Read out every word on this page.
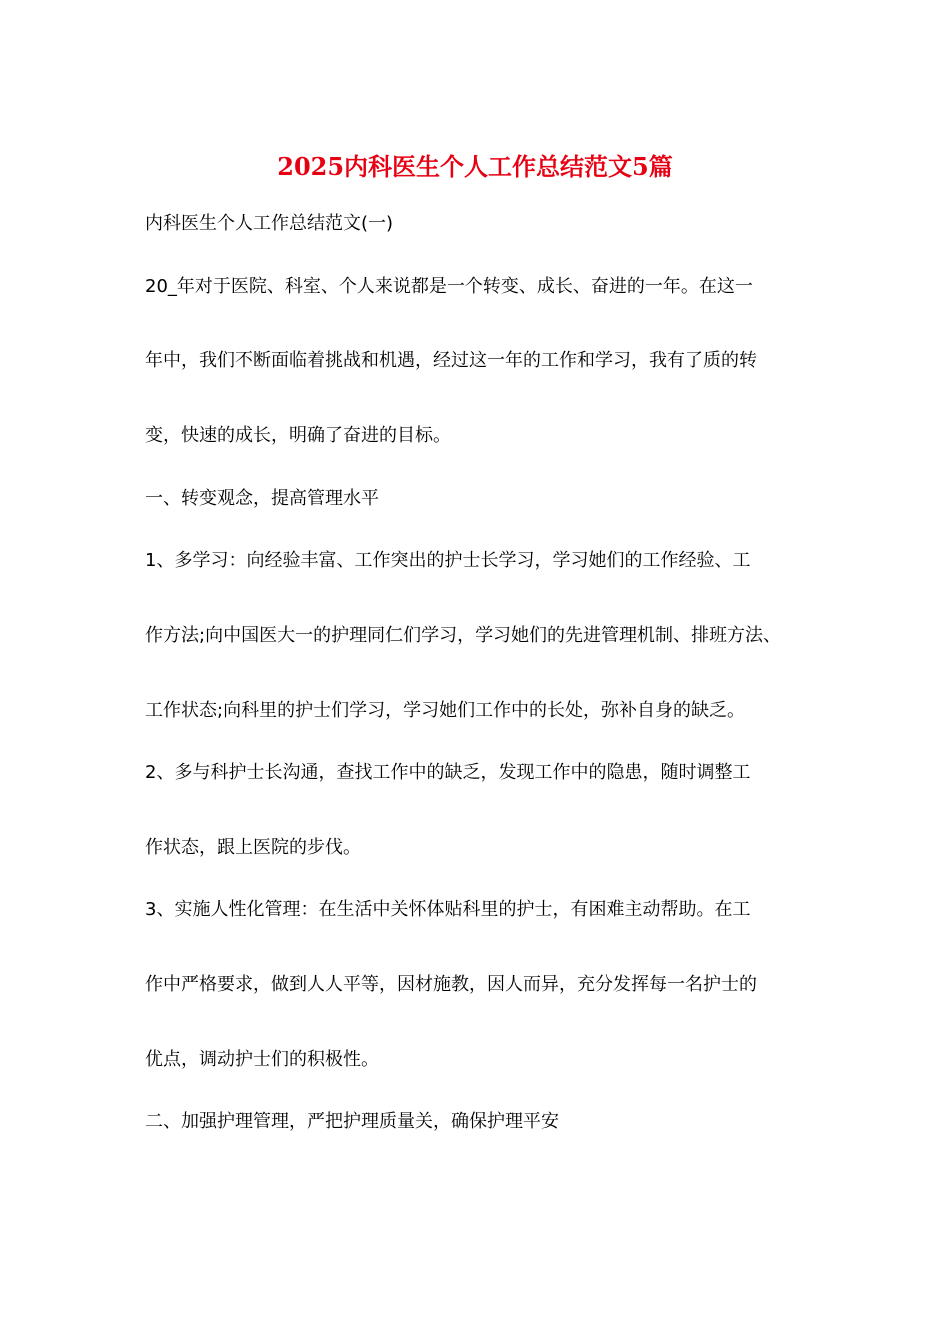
2025内科医生个人工作总结范文5篇

内科医生个人工作总结范文(一)

20_年对于医院、科室、个人来说都是一个转变、成长、奋进的一年。在这一

年中，我们不断面临着挑战和机遇，经过这一年的工作和学习，我有了质的转

变，快速的成长，明确了奋进的目标。

一、转变观念，提高管理水平

1、多学习：向经验丰富、工作突出的护士长学习，学习她们的工作经验、工

作方法;向中国医大一的护理同仁们学习，学习她们的先进管理机制、排班方法、

工作状态;向科里的护士们学习，学习她们工作中的长处，弥补自身的缺乏。

2、多与科护士长沟通，查找工作中的缺乏，发现工作中的隐患，随时调整工

作状态，跟上医院的步伐。

3、实施人性化管理：在生活中关怀体贴科里的护士，有困难主动帮助。在工

作中严格要求，做到人人平等，因材施教，因人而异，充分发挥每一名护士的

优点，调动护士们的积极性。

二、加强护理管理，严把护理质量关，确保护理平安
